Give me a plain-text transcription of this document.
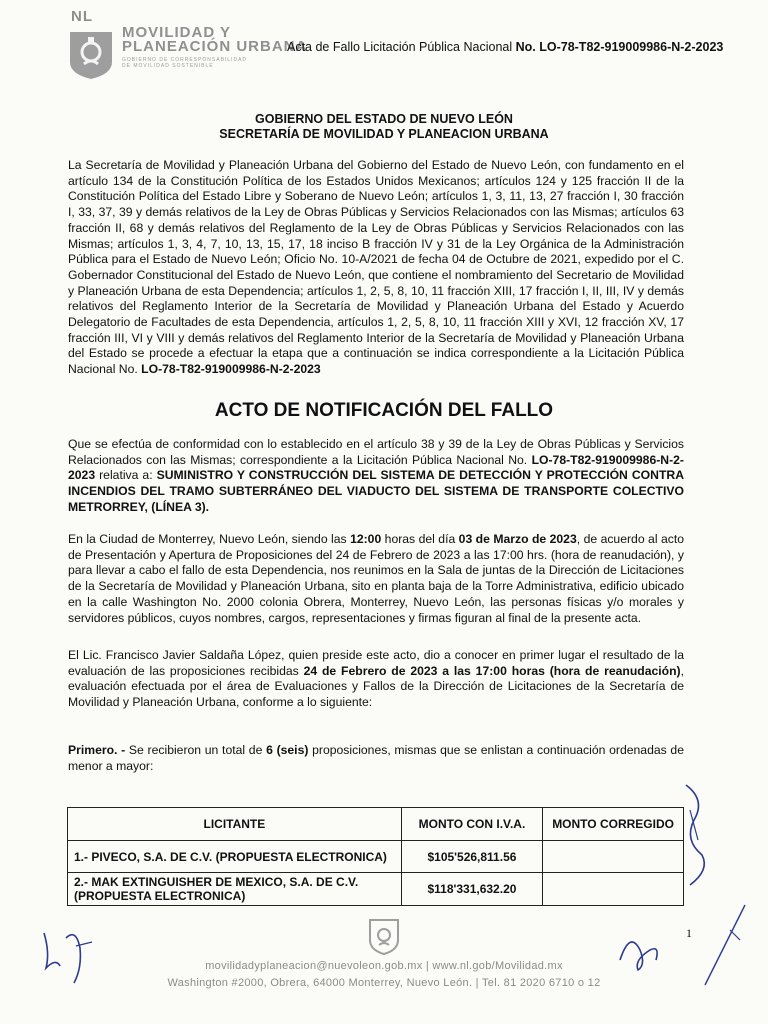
NL
MOVILIDAD Y
PLANEACIÓN URBANA
GOBIERNO DE CORRESPONSABILIDAD
DE MOVILIDAD SOSTENIBLE
Acta de Fallo Licitación Pública Nacional No. LO-78-T82-919009986-N-2-2023
GOBIERNO DEL ESTADO DE NUEVO LEÓN
SECRETARÍA DE MOVILIDAD Y PLANEACION URBANA
La Secretaría de Movilidad y Planeación Urbana del Gobierno del Estado de Nuevo León, con fundamento en el artículo 134 de la Constitución Política de los Estados Unidos Mexicanos; artículos 124 y 125 fracción II de la Constitución Política del Estado Libre y Soberano de Nuevo León; artículos 1, 3, 11, 13, 27 fracción I, 30 fracción I, 33, 37, 39 y demás relativos de la Ley de Obras Públicas y Servicios Relacionados con las Mismas; artículos 63 fracción II, 68 y demás relativos del Reglamento de la Ley de Obras Públicas y Servicios Relacionados con las Mismas; artículos 1, 3, 4, 7, 10, 13, 15, 17, 18 inciso B fracción IV y 31 de la Ley Orgánica de la Administración Pública para el Estado de Nuevo León; Oficio No. 10-A/2021 de fecha 04 de Octubre de 2021, expedido por el C. Gobernador Constitucional del Estado de Nuevo León, que contiene el nombramiento del Secretario de Movilidad y Planeación Urbana de esta Dependencia; artículos 1, 2, 5, 8, 10, 11 fracción XIII, 17 fracción I, II, III, IV y demás relativos del Reglamento Interior de la Secretaría de Movilidad y Planeación Urbana del Estado y Acuerdo Delegatorio de Facultades de esta Dependencia, artículos 1, 2, 5, 8, 10, 11 fracción XIII y XVI, 12 fracción XV, 17 fracción III, VI y VIII y demás relativos del Reglamento Interior de la Secretaría de Movilidad y Planeación Urbana del Estado se procede a efectuar la etapa que a continuación se indica correspondiente a la Licitación Pública Nacional No. LO-78-T82-919009986-N-2-2023
ACTO DE NOTIFICACIÓN DEL FALLO
Que se efectúa de conformidad con lo establecido en el artículo 38 y 39 de la Ley de Obras Públicas y Servicios Relacionados con las Mismas; correspondiente a la Licitación Pública Nacional No. LO-78-T82-919009986-N-2-2023 relativa a: SUMINISTRO Y CONSTRUCCIÓN DEL SISTEMA DE DETECCIÓN Y PROTECCIÓN CONTRA INCENDIOS DEL TRAMO SUBTERRÁNEO DEL VIADUCTO DEL SISTEMA DE TRANSPORTE COLECTIVO METRORREY, (LÍNEA 3).
En la Ciudad de Monterrey, Nuevo León, siendo las 12:00 horas del día 03 de Marzo de 2023, de acuerdo al acto de Presentación y Apertura de Proposiciones del 24 de Febrero de 2023 a las 17:00 hrs. (hora de reanudación), y para llevar a cabo el fallo de esta Dependencia, nos reunimos en la Sala de juntas de la Dirección de Licitaciones de la Secretaría de Movilidad y Planeación Urbana, sito en planta baja de la Torre Administrativa, edificio ubicado en la calle Washington No. 2000 colonia Obrera, Monterrey, Nuevo León, las personas físicas y/o morales y servidores públicos, cuyos nombres, cargos, representaciones y firmas figuran al final de la presente acta.
El Lic. Francisco Javier Saldaña López, quien preside este acto, dio a conocer en primer lugar el resultado de la evaluación de las proposiciones recibidas 24 de Febrero de 2023 a las 17:00 horas (hora de reanudación), evaluación efectuada por el área de Evaluaciones y Fallos de la Dirección de Licitaciones de la Secretaría de Movilidad y Planeación Urbana, conforme a lo siguiente:
Primero. - Se recibieron un total de 6 (seis) proposiciones, mismas que se enlistan a continuación ordenadas de menor a mayor:
LICITANTE	MONTO CON I.V.A.	MONTO CORREGIDO
1.- PIVECO, S.A. DE C.V. (PROPUESTA ELECTRONICA)	$105'526,811.56	
2.- MAK EXTINGUISHER DE MEXICO, S.A. DE C.V. (PROPUESTA ELECTRONICA)	$118'331,632.20	
1
movilidadyplaneacion@nuevoleon.gob.mx | www.nl.gob/Movilidad.mx
Washington #2000, Obrera, 64000 Monterrey, Nuevo León. | Tel. 81 2020 6710 o 12
